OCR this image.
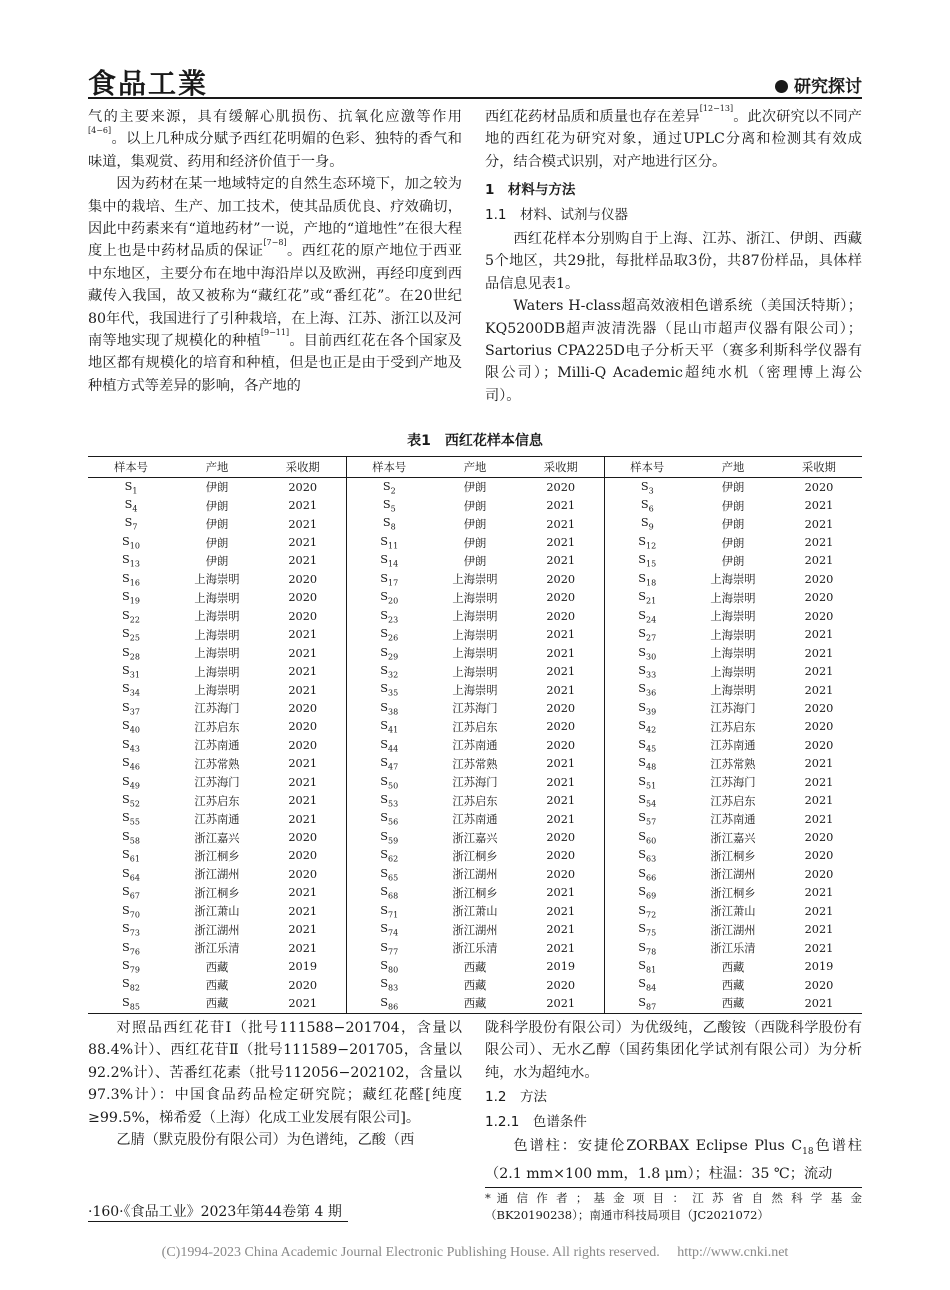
食品工業	研究探讨

气的主要来源，具有缓解心肌损伤、抗氧化应激等作用[4−6]。以上几种成分赋予西红花明媚的色彩、独特的香气和味道，集观赏、药用和经济价值于一身。

因为药材在某一地域特定的自然生态环境下，加之较为集中的栽培、生产、加工技术，使其品质优良、疗效确切，因此中药素来有“道地药材”一说，产地的“道地性”在很大程度上也是中药材品质的保证[7−8]。西红花的原产地位于西亚中东地区，主要分布在地中海沿岸以及欧洲，再经印度到西藏传入我国，故又被称为“藏红花”或“番红花”。在20世纪80年代，我国进行了引种栽培，在上海、江苏、浙江以及河南等地实现了规模化的种植[9−11]。目前西红花在各个国家及地区都有规模化的培育和种植，但是也正是由于受到产地及种植方式等差异的影响，各产地的

西红花药材品质和质量也存在差异[12−13]。此次研究以不同产地的西红花为研究对象，通过UPLC分离和检测其有效成分，结合模式识别，对产地进行区分。

1　材料与方法

1.1　材料、试剂与仪器

西红花样本分别购自于上海、江苏、浙江、伊朗、西藏5个地区，共29批，每批样品取3份，共87份样品，具体样品信息见表1。

Waters H-class超高效液相色谱系统（美国沃特斯）；KQ5200DB超声波清洗器（昆山市超声仪器有限公司）；Sartorius CPA225D电子分析天平（赛多利斯科学仪器有限公司）；Milli-Q Academic超纯水机（密理博上海公司）。

表1　西红花样本信息
样本号	产地	采收期	样本号	产地	采收期	样本号	产地	采收期
$S_1$	伊朗	2020	$S_2$	伊朗	2020	$S_3$	伊朗	2020
$S_4$	伊朗	2021	$S_5$	伊朗	2021	$S_6$	伊朗	2021
$S_7$	伊朗	2021	$S_8$	伊朗	2021	$S_9$	伊朗	2021
$S_{10}$	伊朗	2021	$S_{11}$	伊朗	2021	$S_{12}$	伊朗	2021
$S_{13}$	伊朗	2021	$S_{14}$	伊朗	2021	$S_{15}$	伊朗	2021
$S_{16}$	上海崇明	2020	$S_{17}$	上海崇明	2020	$S_{18}$	上海崇明	2020
$S_{19}$	上海崇明	2020	$S_{20}$	上海崇明	2020	$S_{21}$	上海崇明	2020
$S_{22}$	上海崇明	2020	$S_{23}$	上海崇明	2020	$S_{24}$	上海崇明	2020
$S_{25}$	上海崇明	2021	$S_{26}$	上海崇明	2021	$S_{27}$	上海崇明	2021
$S_{28}$	上海崇明	2021	$S_{29}$	上海崇明	2021	$S_{30}$	上海崇明	2021
$S_{31}$	上海崇明	2021	$S_{32}$	上海崇明	2021	$S_{33}$	上海崇明	2021
$S_{34}$	上海崇明	2021	$S_{35}$	上海崇明	2021	$S_{36}$	上海崇明	2021
$S_{37}$	江苏海门	2020	$S_{38}$	江苏海门	2020	$S_{39}$	江苏海门	2020
$S_{40}$	江苏启东	2020	$S_{41}$	江苏启东	2020	$S_{42}$	江苏启东	2020
$S_{43}$	江苏南通	2020	$S_{44}$	江苏南通	2020	$S_{45}$	江苏南通	2020
$S_{46}$	江苏常熟	2021	$S_{47}$	江苏常熟	2021	$S_{48}$	江苏常熟	2021
$S_{49}$	江苏海门	2021	$S_{50}$	江苏海门	2021	$S_{51}$	江苏海门	2021
$S_{52}$	江苏启东	2021	$S_{53}$	江苏启东	2021	$S_{54}$	江苏启东	2021
$S_{55}$	江苏南通	2021	$S_{56}$	江苏南通	2021	$S_{57}$	江苏南通	2021
$S_{58}$	浙江嘉兴	2020	$S_{59}$	浙江嘉兴	2020	$S_{60}$	浙江嘉兴	2020
$S_{61}$	浙江桐乡	2020	$S_{62}$	浙江桐乡	2020	$S_{63}$	浙江桐乡	2020
$S_{64}$	浙江湖州	2020	$S_{65}$	浙江湖州	2020	$S_{66}$	浙江湖州	2020
$S_{67}$	浙江桐乡	2021	$S_{68}$	浙江桐乡	2021	$S_{69}$	浙江桐乡	2021
$S_{70}$	浙江萧山	2021	$S_{71}$	浙江萧山	2021	$S_{72}$	浙江萧山	2021
$S_{73}$	浙江湖州	2021	$S_{74}$	浙江湖州	2021	$S_{75}$	浙江湖州	2021
$S_{76}$	浙江乐清	2021	$S_{77}$	浙江乐清	2021	$S_{78}$	浙江乐清	2021
$S_{79}$	西藏	2019	$S_{80}$	西藏	2019	$S_{81}$	西藏	2019
$S_{82}$	西藏	2020	$S_{83}$	西藏	2020	$S_{84}$	西藏	2020
$S_{85}$	西藏	2021	$S_{86}$	西藏	2021	$S_{87}$	西藏	2021

对照品西红花苷Ⅰ（批号111588−201704，含量以88.4%计）、西红花苷Ⅱ（批号111589−201705，含量以92.2%计）、苦番红花素（批号112056−202102，含量以97.3%计）：中国食品药品检定研究院；藏红花醛[纯度≥99.5%，梯希爱（上海）化成工业发展有限公司]。

乙腈（默克股份有限公司）为色谱纯，乙酸（西

陇科学股份有限公司）为优级纯，乙酸铵（西陇科学股份有限公司）、无水乙醇（国药集团化学试剂有限公司）为分析纯，水为超纯水。

1.2　方法

1.2.1　色谱条件

色谱柱：安捷伦ZORBAX Eclipse Plus $C_{18}$色谱柱（2.1 mm×100 mm，1.8 μm）；柱温：35 ℃；流动

·160·《食品工业》2023年第44卷第 4 期
* 通 信 作 者 ； 基 金 项 目 ： 江 苏 省 自 然 科 学 基 金（BK20190238）；南通市科技局项目（JC2021072）
(C)1994-2023 China Academic Journal Electronic Publishing House. All rights reserved.　 http://www.cnki.net
